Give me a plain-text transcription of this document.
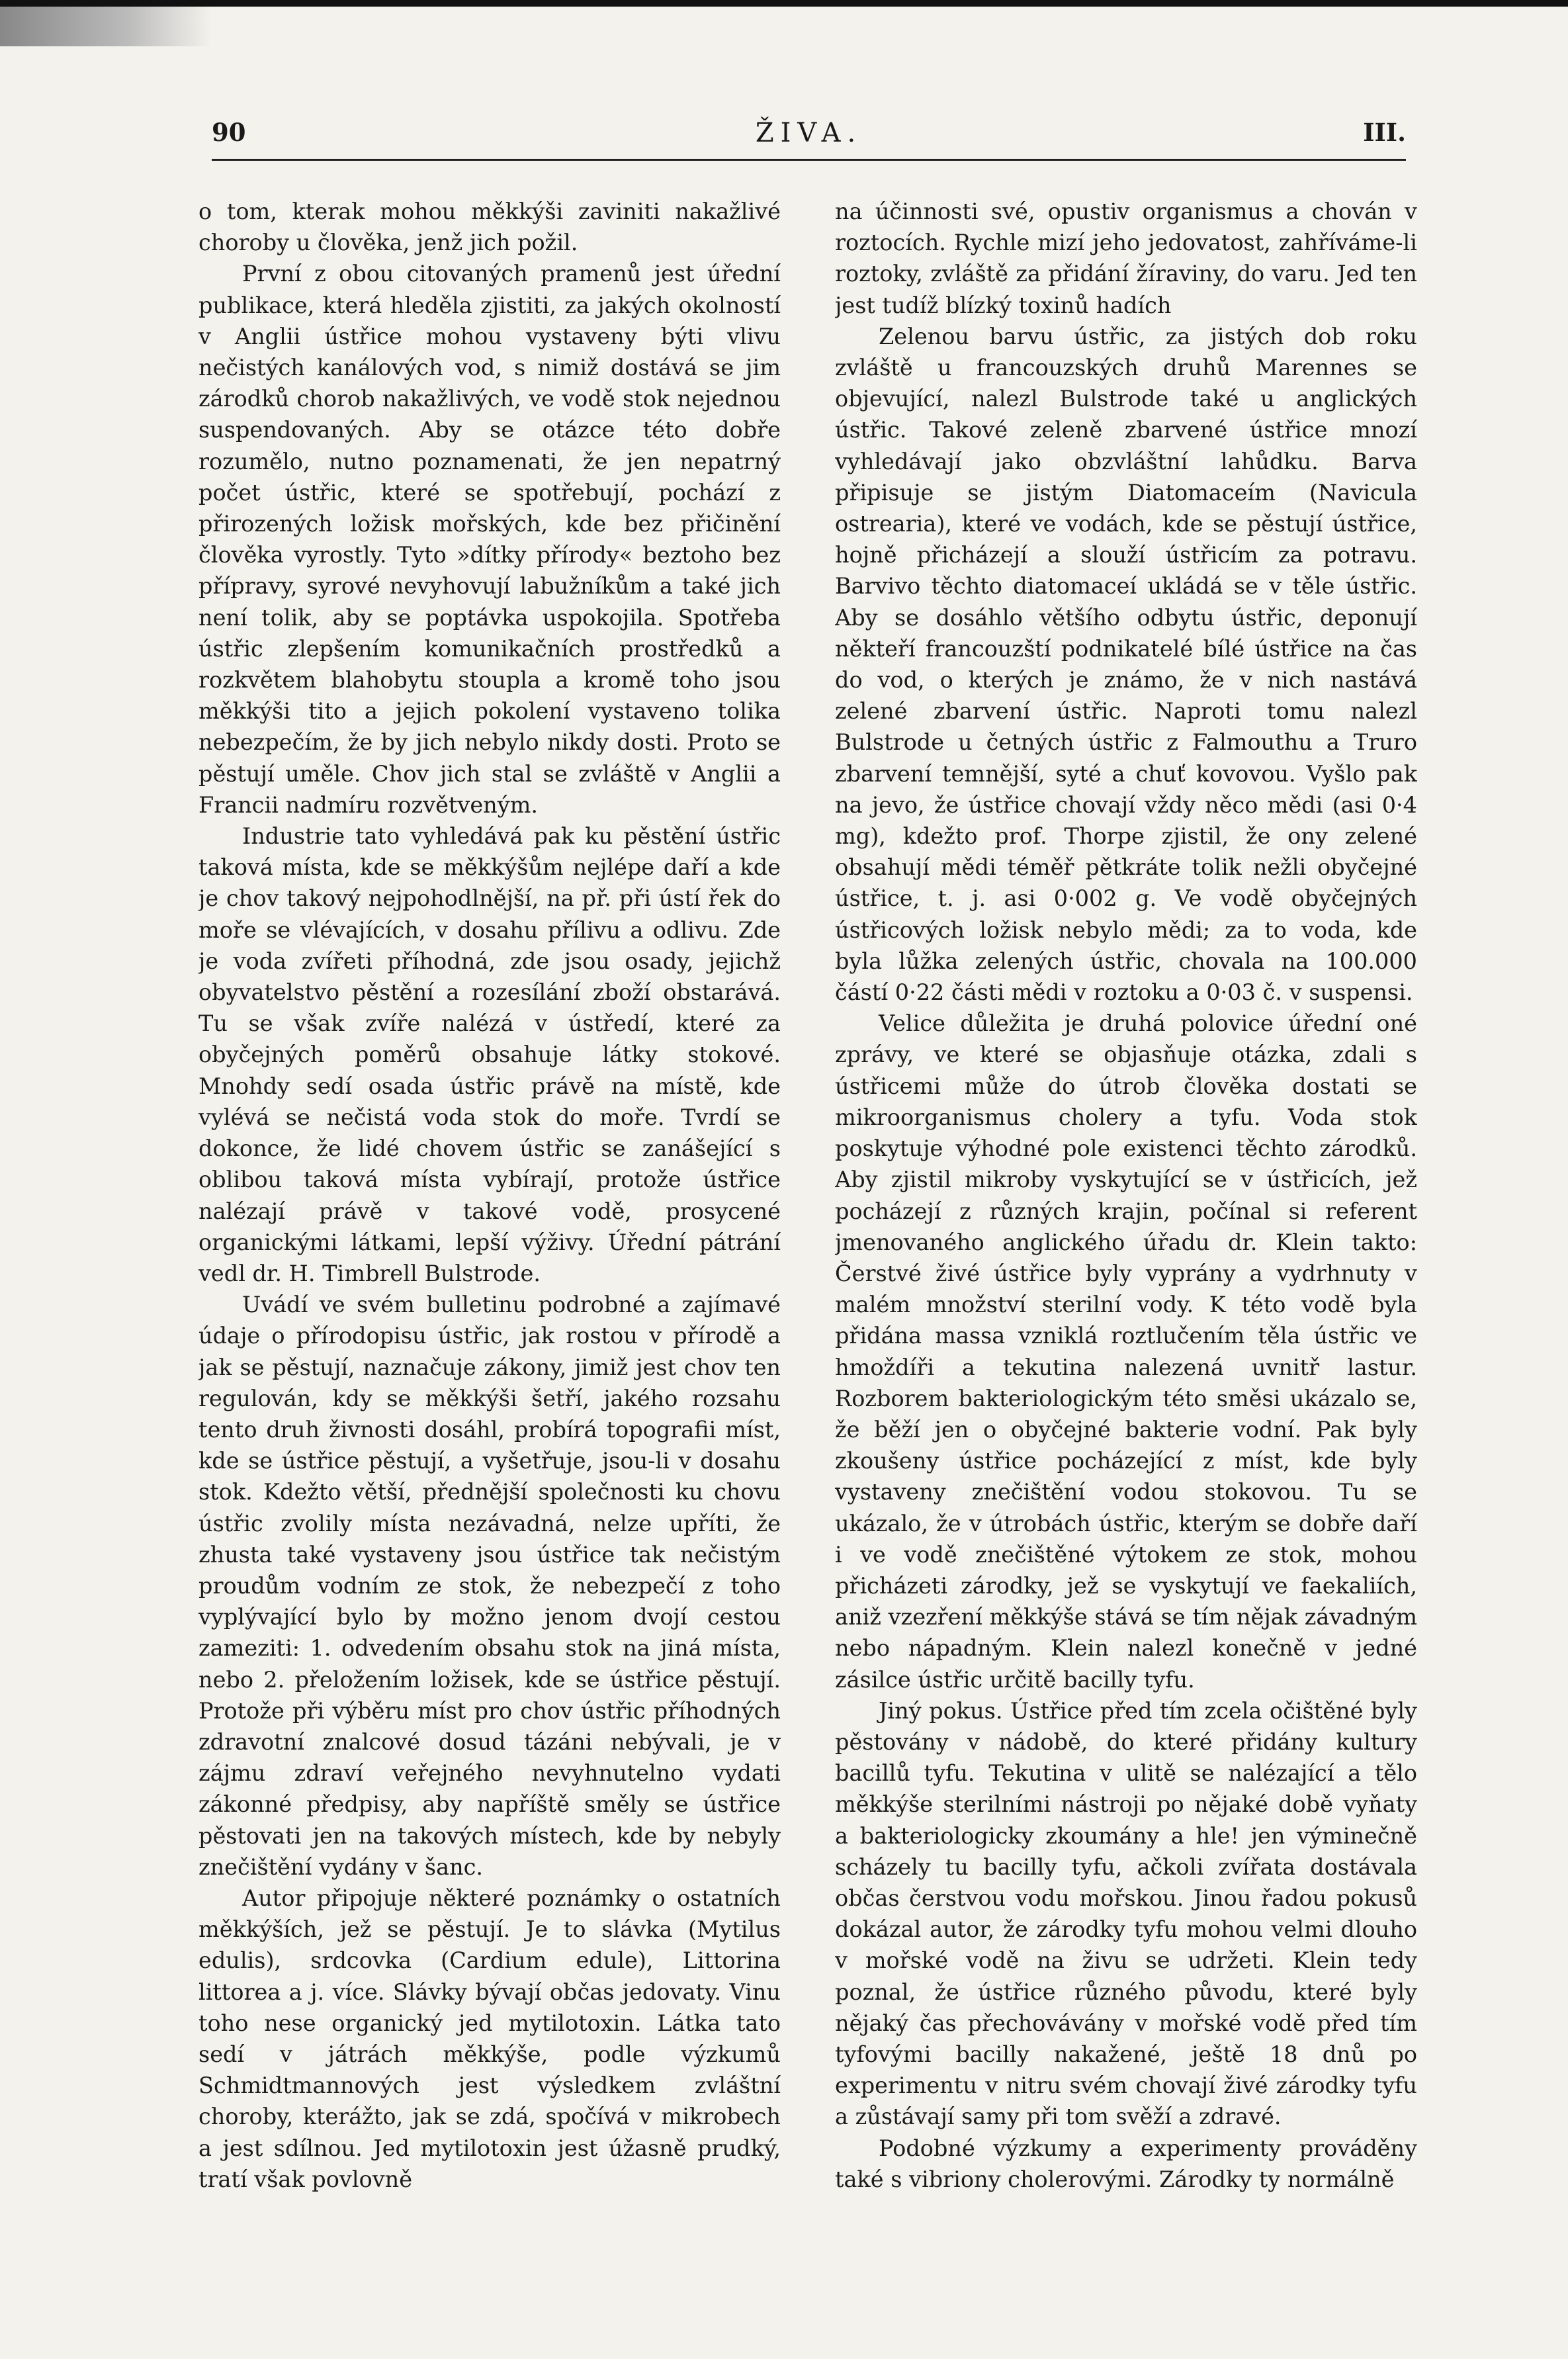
90	ŽIVA.	III.

o tom, kterak mohou měkkýši zaviniti nakažlivé choroby u člověka, jenž jich požil.

První z obou citovaných pramenů jest úřední publikace, která hleděla zjistiti, za jakých okolností v Anglii ústřice mohou vystaveny býti vlivu nečistých kanálových vod, s nimiž dostává se jim zárodků chorob nakažlivých, ve vodě stok nejednou suspendovaných. Aby se otázce této dobře rozumělo, nutno poznamenati, že jen nepatrný počet ústřic, které se spotřebují, pochází z přirozených ložisk mořských, kde bez přičinění člověka vyrostly. Tyto »dítky přírody« beztoho bez přípravy, syrové nevyhovují labužníkům a také jich není tolik, aby se poptávka uspokojila. Spotřeba ústřic zlepšením komunikačních prostředků a rozkvětem blahobytu stoupla a kromě toho jsou měkkýši tito a jejich pokolení vystaveno tolika nebezpečím, že by jich nebylo nikdy dosti. Proto se pěstují uměle. Chov jich stal se zvláště v Anglii a Francii nadmíru rozvětveným.

Industrie tato vyhledává pak ku pěstění ústřic taková místa, kde se měkkýšům nejlépe daří a kde je chov takový nejpohodlnější, na př. při ústí řek do moře se vlévajících, v dosahu přílivu a odlivu. Zde je voda zvířeti příhodná, zde jsou osady, jejichž obyvatelstvo pěstění a rozesílání zboží obstarává. Tu se však zvíře nalézá v ústředí, které za obyčejných poměrů obsahuje látky stokové. Mnohdy sedí osada ústřic právě na místě, kde vylévá se nečistá voda stok do moře. Tvrdí se dokonce, že lidé chovem ústřic se zanášející s oblibou taková místa vybírají, protože ústřice nalézají právě v takové vodě, prosycené organickými látkami, lepší výživy. Úřední pátrání vedl dr. H. Timbrell Bulstrode.

Uvádí ve svém bulletinu podrobné a zajímavé údaje o přírodopisu ústřic, jak rostou v přírodě a jak se pěstují, naznačuje zákony, jimiž jest chov ten regulován, kdy se měkkýši šetří, jakého rozsahu tento druh živnosti dosáhl, probírá topografii míst, kde se ústřice pěstují, a vyšetřuje, jsou-li v dosahu stok. Kdežto větší, přednější společnosti ku chovu ústřic zvolily místa nezávadná, nelze upříti, že zhusta také vystaveny jsou ústřice tak nečistým proudům vodním ze stok, že nebezpečí z toho vyplývající bylo by možno jenom dvojí cestou zameziti: 1. odvedením obsahu stok na jiná místa, nebo 2. přeložením ložisek, kde se ústřice pěstují. Protože při výběru míst pro chov ústřic příhodných zdravotní znalcové dosud tázáni nebývali, je v zájmu zdraví veřejného nevyhnutelno vydati zákonné předpisy, aby napříště směly se ústřice pěstovati jen na takových místech, kde by nebyly znečištění vydány v šanc.

Autor připojuje některé poznámky o ostatních měkkýších, jež se pěstují. Je to slávka (Mytilus edulis), srdcovka (Cardium edule), Littorina littorea a j. více. Slávky bývají občas jedovaty. Vinu toho nese organický jed mytilotoxin. Látka tato sedí v játrách měkkýše, podle výzkumů Schmidtmannových jest výsledkem zvláštní choroby, kterážto, jak se zdá, spočívá v mikrobech a jest sdílnou. Jed mytilotoxin jest úžasně prudký, tratí však povlovně

na účinnosti své, opustiv organismus a chován v roztocích. Rychle mizí jeho jedovatost, zahříváme-li roztoky, zvláště za přidání žíraviny, do varu. Jed ten jest tudíž blízký toxinů hadích

Zelenou barvu ústřic, za jistých dob roku zvláště u francouzských druhů Marennes se objevující, nalezl Bulstrode také u anglických ústřic. Takové zeleně zbarvené ústřice mnozí vyhledávají jako obzvláštní lahůdku. Barva připisuje se jistým Diatomaceím (Navicula ostrearia), které ve vodách, kde se pěstují ústřice, hojně přicházejí a slouží ústřicím za potravu. Barvivo těchto diatomaceí ukládá se v těle ústřic. Aby se dosáhlo většího odbytu ústřic, deponují někteří francouzští podnikatelé bílé ústřice na čas do vod, o kterých je známo, že v nich nastává zelené zbarvení ústřic. Naproti tomu nalezl Bulstrode u četných ústřic z Falmouthu a Truro zbarvení temnější, syté a chuť kovovou. Vyšlo pak na jevo, že ústřice chovají vždy něco mědi (asi 0·4 mg), kdežto prof. Thorpe zjistil, že ony zelené obsahují mědi téměř pětkráte tolik nežli obyčejné ústřice, t. j. asi 0·002 g. Ve vodě obyčejných ústřicových ložisk nebylo mědi; za to voda, kde byla lůžka zelených ústřic, chovala na 100.000 částí 0·22 části mědi v roztoku a 0·03 č. v suspensi.

Velice důležita je druhá polovice úřední oné zprávy, ve které se objasňuje otázka, zdali s ústřicemi může do útrob člověka dostati se mikroorganismus cholery a tyfu. Voda stok poskytuje výhodné pole existenci těchto zárodků. Aby zjistil mikroby vyskytující se v ústřicích, jež pocházejí z různých krajin, počínal si referent jmenovaného anglického úřadu dr. Klein takto: Čerstvé živé ústřice byly vyprány a vydrhnuty v malém množství sterilní vody. K této vodě byla přidána massa vzniklá roztlučením těla ústřic ve hmoždíři a tekutina nalezená uvnitř lastur. Rozborem bakteriologickým této směsi ukázalo se, že běží jen o obyčejné bakterie vodní. Pak byly zkoušeny ústřice pocházející z míst, kde byly vystaveny znečištění vodou stokovou. Tu se ukázalo, že v útrobách ústřic, kterým se dobře daří i ve vodě znečištěné výtokem ze stok, mohou přicházeti zárodky, jež se vyskytují ve faekaliích, aniž vzezření měkkýše stává se tím nějak závadným nebo nápadným. Klein nalezl konečně v jedné zásilce ústřic určitě bacilly tyfu.

Jiný pokus. Ústřice před tím zcela očištěné byly pěstovány v nádobě, do které přidány kultury bacillů tyfu. Tekutina v ulitě se nalézající a tělo měkkýše sterilními nástroji po nějaké době vyňaty a bakteriologicky zkoumány a hle! jen výminečně scházely tu bacilly tyfu, ačkoli zvířata dostávala občas čerstvou vodu mořskou. Jinou řadou pokusů dokázal autor, že zárodky tyfu mohou velmi dlouho v mořské vodě na živu se udržeti. Klein tedy poznal, že ústřice různého původu, které byly nějaký čas přechovávány v mořské vodě před tím tyfovými bacilly nakažené, ještě 18 dnů po experimentu v nitru svém chovají živé zárodky tyfu a zůstávají samy při tom svěží a zdravé.

Podobné výzkumy a experimenty prováděny také s vibriony cholerovými. Zárodky ty normálně
